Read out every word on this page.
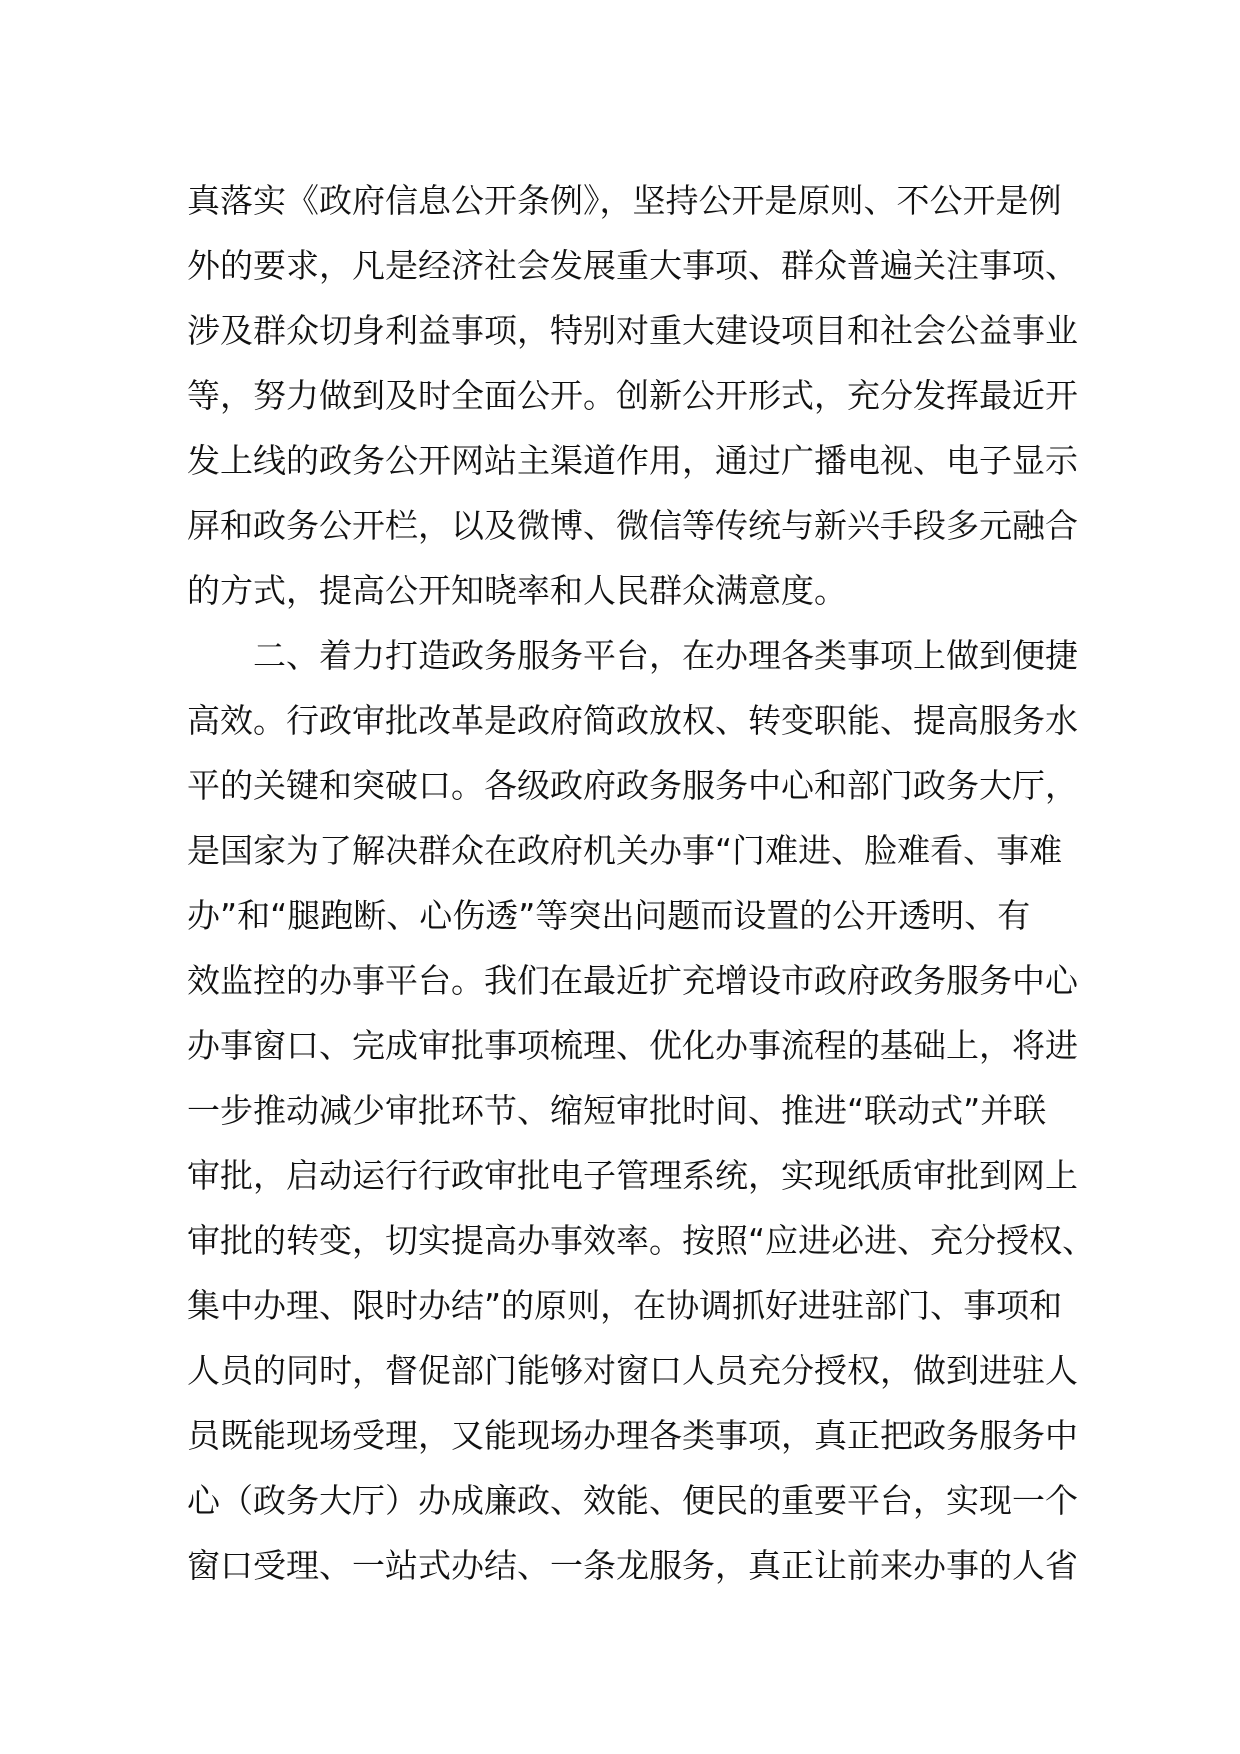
真落实《政府信息公开条例》，坚持公开是原则、不公开是例
外的要求，凡是经济社会发展重大事项、群众普遍关注事项、
涉及群众切身利益事项，特别对重大建设项目和社会公益事业
等，努力做到及时全面公开。创新公开形式，充分发挥最近开
发上线的政务公开网站主渠道作用，通过广播电视、电子显示
屏和政务公开栏，以及微博、微信等传统与新兴手段多元融合
的方式，提高公开知晓率和人民群众满意度。
　　二、着力打造政务服务平台，在办理各类事项上做到便捷
高效。行政审批改革是政府简政放权、转变职能、提高服务水
平的关键和突破口。各级政府政务服务中心和部门政务大厅，
是国家为了解决群众在政府机关办事“门难进、脸难看、事难
办”和“腿跑断、心伤透”等突出问题而设置的公开透明、有
效监控的办事平台。我们在最近扩充增设市政府政务服务中心
办事窗口、完成审批事项梳理、优化办事流程的基础上，将进
一步推动减少审批环节、缩短审批时间、推进“联动式”并联
审批，启动运行行政审批电子管理系统，实现纸质审批到网上
审批的转变，切实提高办事效率。按照“应进必进、充分授权、
集中办理、限时办结”的原则，在协调抓好进驻部门、事项和
人员的同时，督促部门能够对窗口人员充分授权，做到进驻人
员既能现场受理，又能现场办理各类事项，真正把政务服务中
心（政务大厅）办成廉政、效能、便民的重要平台，实现一个
窗口受理、一站式办结、一条龙服务，真正让前来办事的人省
